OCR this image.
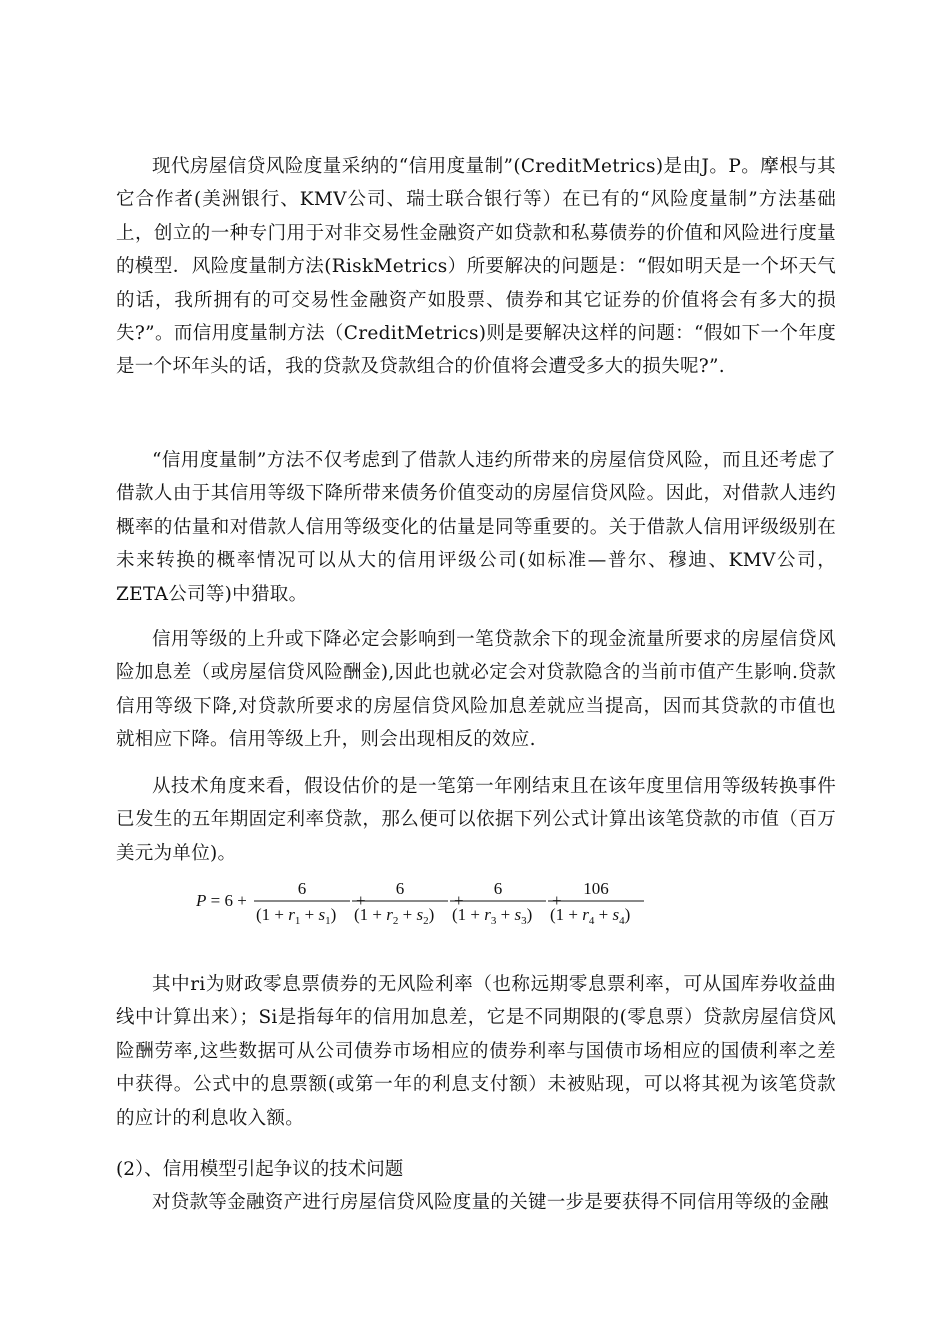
现代房屋信贷风险度量采纳的“信用度量制”(CreditMetrics)是由J。P。摩根与其它合作者(美洲银行、KMV公司、瑞士联合银行等）在已有的“风险度量制”方法基础上，创立的一种专门用于对非交易性金融资产如贷款和私募债券的价值和风险进行度量的模型．风险度量制方法(RiskMetrics）所要解决的问题是：“假如明天是一个坏天气的话，我所拥有的可交易性金融资产如股票、债券和其它证券的价值将会有多大的损失?”。而信用度量制方法（CreditMetrics)则是要解决这样的问题：“假如下一个年度是一个坏年头的话，我的贷款及贷款组合的价值将会遭受多大的损失呢?”.

“信用度量制”方法不仅考虑到了借款人违约所带来的房屋信贷风险，而且还考虑了借款人由于其信用等级下降所带来债务价值变动的房屋信贷风险。因此，对借款人违约概率的估量和对借款人信用等级变化的估量是同等重要的。关于借款人信用评级级别在未来转换的概率情况可以从大的信用评级公司(如标准—普尔、穆迪、KMV公司，ZETA公司等)中猎取。

信用等级的上升或下降必定会影响到一笔贷款余下的现金流量所要求的房屋信贷风险加息差（或房屋信贷风险酬金),因此也就必定会对贷款隐含的当前市值产生影响.贷款信用等级下降,对贷款所要求的房屋信贷风险加息差就应当提高，因而其贷款的市值也就相应下降。信用等级上升，则会出现相反的效应.

从技术角度来看，假设估价的是一笔第一年刚结束且在该年度里信用等级转换事件已发生的五年期固定利率贷款，那么便可以依据下列公式计算出该笔贷款的市值（百万美元为单位)。

P = 6 +
6
$(1 + r_1 + s_1)$
+
6
$(1 + r_2 + s_2)$
+
6
$(1 + r_3 + s_3)$
+
106
$(1 + r_4 + s_4)$

其中ri为财政零息票债券的无风险利率（也称远期零息票利率，可从国库券收益曲线中计算出来）；Si是指每年的信用加息差，它是不同期限的(零息票）贷款房屋信贷风险酬劳率,这些数据可从公司债券市场相应的债券利率与国债市场相应的国债利率之差中获得。公式中的息票额(或第一年的利息支付额）未被贴现，可以将其视为该笔贷款的应计的利息收入额。

(2）、信用模型引起争议的技术问题

对贷款等金融资产进行房屋信贷风险度量的关键一步是要获得不同信用等级的金融
